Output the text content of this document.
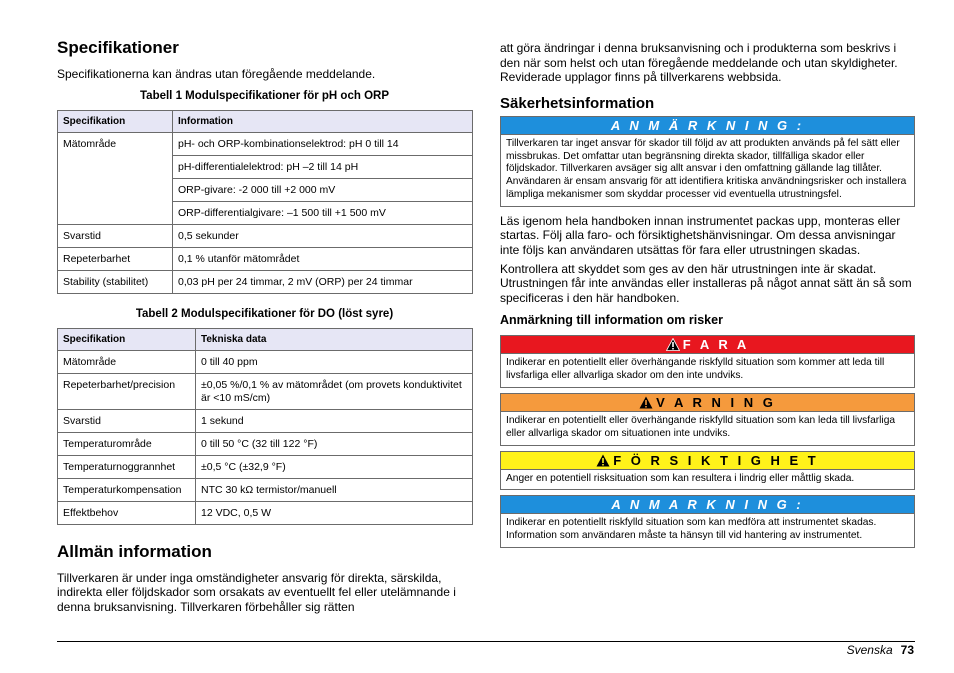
Specifikationer

Specifikationerna kan ändras utan föregående meddelande.

Tabell 1 Modulspecifikationer för pH och ORP
Specifikation	Information
Mätområde	pH- och ORP-kombinationselektrod: pH 0 till 14
	pH-differentialelektrod: pH –2 till 14 pH
	ORP-givare: -2 000 till +2 000 mV
	ORP-differentialgivare: –1 500 till +1 500 mV
Svarstid	0,5 sekunder
Repeterbarhet	0,1 % utanför mätområdet
Stability (stabilitet)	0,03 pH per 24 timmar, 2 mV (ORP) per 24 timmar
Tabell 2 Modulspecifikationer för DO (löst syre)
Specifikation	Tekniska data
Mätområde	0 till 40 ppm
Repeterbarhet/precision	±0,05 %/0,1 % av mätområdet (om provets konduktivitet är <10 mS/cm)
Svarstid	1 sekund
Temperaturområde	0 till 50 °C (32 till 122 °F)
Temperaturnoggrannhet	±0,5 °C (±32,9 °F)
Temperaturkompensation	NTC 30 kΩ termistor/manuell
Effektbehov	12 VDC, 0,5 W
Allmän information

Tillverkaren är under inga omständigheter ansvarig för direkta, särskilda, indirekta eller följdskador som orsakats av eventuellt fel eller utelämnande i denna bruksanvisning. Tillverkaren förbehåller sig rätten

att göra ändringar i denna bruksanvisning och i produkterna som beskrivs i den när som helst och utan föregående meddelande och utan skyldigheter. Reviderade upplagor finns på tillverkarens webbsida.

Säkerhetsinformation
A N M Ä R K N I N G :
Tillverkaren tar inget ansvar för skador till följd av att produkten används på fel sätt eller missbrukas. Det omfattar utan begränsning direkta skador, tillfälliga skador eller följdskador. Tillverkaren avsäger sig allt ansvar i den omfattning gällande lag tillåter. Användaren är ensam ansvarig för att identifiera kritiska användningsrisker och installera lämpliga mekanismer som skyddar processer vid eventuella utrustningsfel.

Läs igenom hela handboken innan instrumentet packas upp, monteras eller startas. Följ alla faro- och försiktighetshänvisningar. Om dessa anvisningar inte följs kan användaren utsättas för fara eller utrustningen skadas.

Kontrollera att skyddet som ges av den här utrustningen inte är skadat. Utrustningen får inte användas eller installeras på något annat sätt än så som specificeras i den här handboken.

Anmärkning till information om risker
F A R A
Indikerar en potentiellt eller överhängande riskfylld situation som kommer att leda till livsfarliga eller allvarliga skador om den inte undviks.
V A R N I N G
Indikerar en potentiellt eller överhängande riskfylld situation som kan leda till livsfarliga eller allvarliga skador om situationen inte undviks.
F Ö R S I K T I G H E T
Anger en potentiell risksituation som kan resultera i lindrig eller måttlig skada.
A N M A R K N I N G :
Indikerar en potentiellt riskfylld situation som kan medföra att instrumentet skadas. Information som användaren måste ta hänsyn till vid hantering av instrumentet.
Svenska 73
